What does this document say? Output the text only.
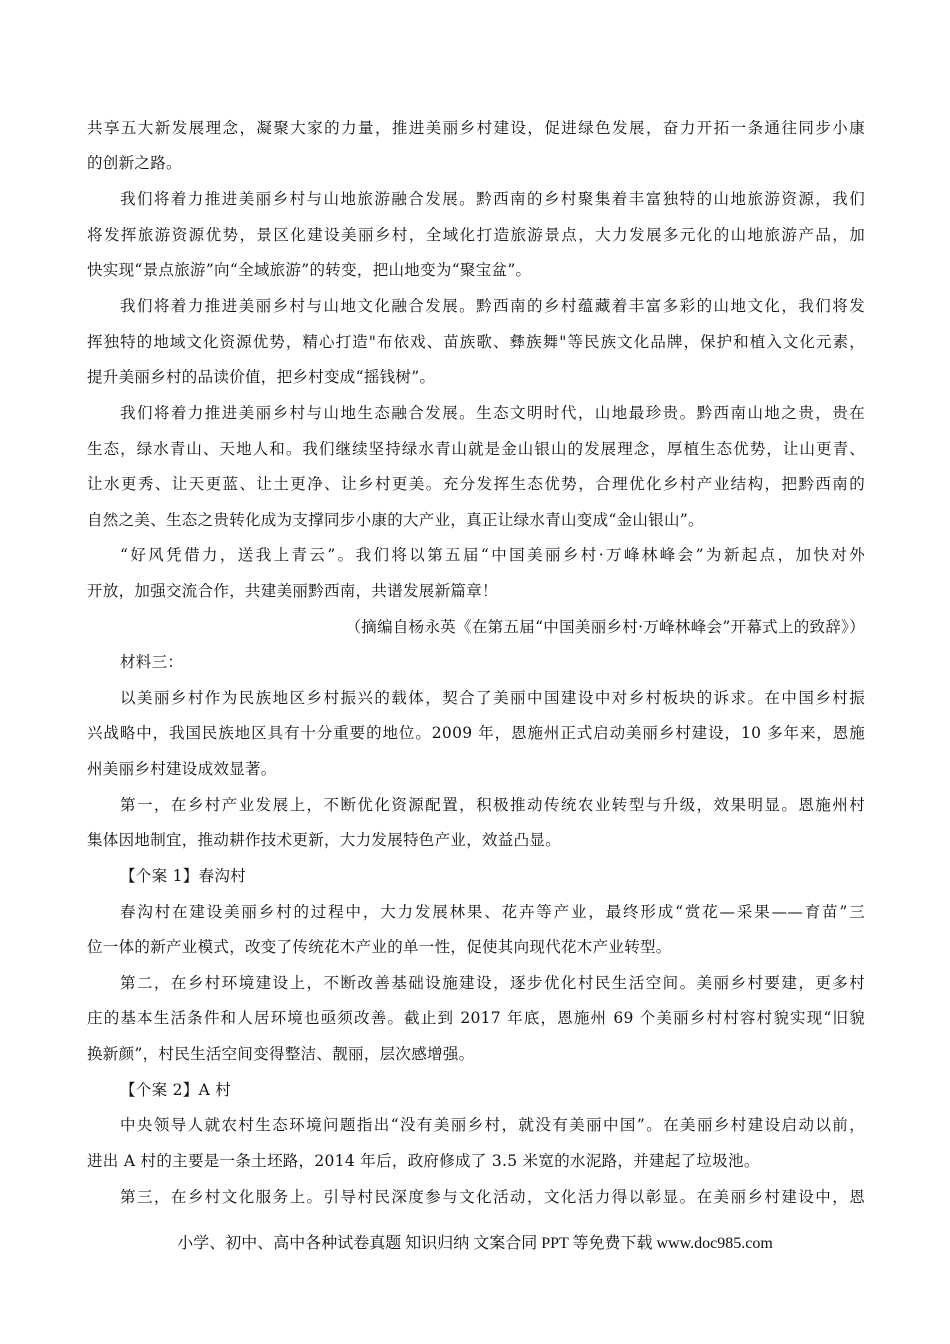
共享五大新发展理念，凝聚大家的力量，推进美丽乡村建设，促进绿色发展，奋力开拓一条通往同步小康
的创新之路。
我们将着力推进美丽乡村与山地旅游融合发展。黔西南的乡村聚集着丰富独特的山地旅游资源，我们
将发挥旅游资源优势，景区化建设美丽乡村，全域化打造旅游景点，大力发展多元化的山地旅游产品，加
快实现“景点旅游”向“全域旅游”的转变，把山地变为“聚宝盆”。
我们将着力推进美丽乡村与山地文化融合发展。黔西南的乡村蕴藏着丰富多彩的山地文化，我们将发
挥独特的地域文化资源优势，精心打造"布依戏、苗族歌、彝族舞"等民族文化品牌，保护和植入文化元素，
提升美丽乡村的品读价值，把乡村变成“摇钱树”。
我们将着力推进美丽乡村与山地生态融合发展。生态文明时代，山地最珍贵。黔西南山地之贵，贵在
生态，绿水青山、天地人和。我们继续坚持绿水青山就是金山银山的发展理念，厚植生态优势，让山更青、
让水更秀、让天更蓝、让土更净、让乡村更美。充分发挥生态优势，合理优化乡村产业结构，把黔西南的
自然之美、生态之贵转化成为支撑同步小康的大产业，真正让绿水青山变成“金山银山”。
“好风凭借力，送我上青云”。我们将以第五届“中国美丽乡村·万峰林峰会”为新起点，加快对外
开放，加强交流合作，共建美丽黔西南，共谱发展新篇章！
（摘编自杨永英《在第五届“中国美丽乡村·万峰林峰会”开幕式上的致辞》）
材料三：
以美丽乡村作为民族地区乡村振兴的载体，契合了美丽中国建设中对乡村板块的诉求。在中国乡村振
兴战略中，我国民族地区具有十分重要的地位。2009 年，恩施州正式启动美丽乡村建设，10 多年来，恩施
州美丽乡村建设成效显著。
第一，在乡村产业发展上，不断优化资源配置，积极推动传统农业转型与升级，效果明显。恩施州村
集体因地制宜，推动耕作技术更新，大力发展特色产业，效益凸显。
【个案 1】春沟村
春沟村在建设美丽乡村的过程中，大力发展林果、花卉等产业，最终形成“赏花—采果——育苗”三
位一体的新产业模式，改变了传统花木产业的单一性，促使其向现代花木产业转型。
第二，在乡村环境建设上，不断改善基础设施建设，逐步优化村民生活空间。美丽乡村要建，更多村
庄的基本生活条件和人居环境也亟须改善。截止到 2017 年底，恩施州 69 个美丽乡村村容村貌实现“旧貌
换新颜”，村民生活空间变得整洁、靓丽，层次感增强。
【个案 2】A 村
中央领导人就农村生态环境问题指出“没有美丽乡村，就没有美丽中国”。在美丽乡村建设启动以前，
进出 A 村的主要是一条土坯路，2014 年后，政府修成了 3.5 米宽的水泥路，并建起了垃圾池。
第三，在乡村文化服务上。引导村民深度参与文化活动，文化活力得以彰显。在美丽乡村建设中，恩
小学、初中、高中各种试卷真题 知识归纳 文案合同 PPT 等免费下载 www.doc985.com
